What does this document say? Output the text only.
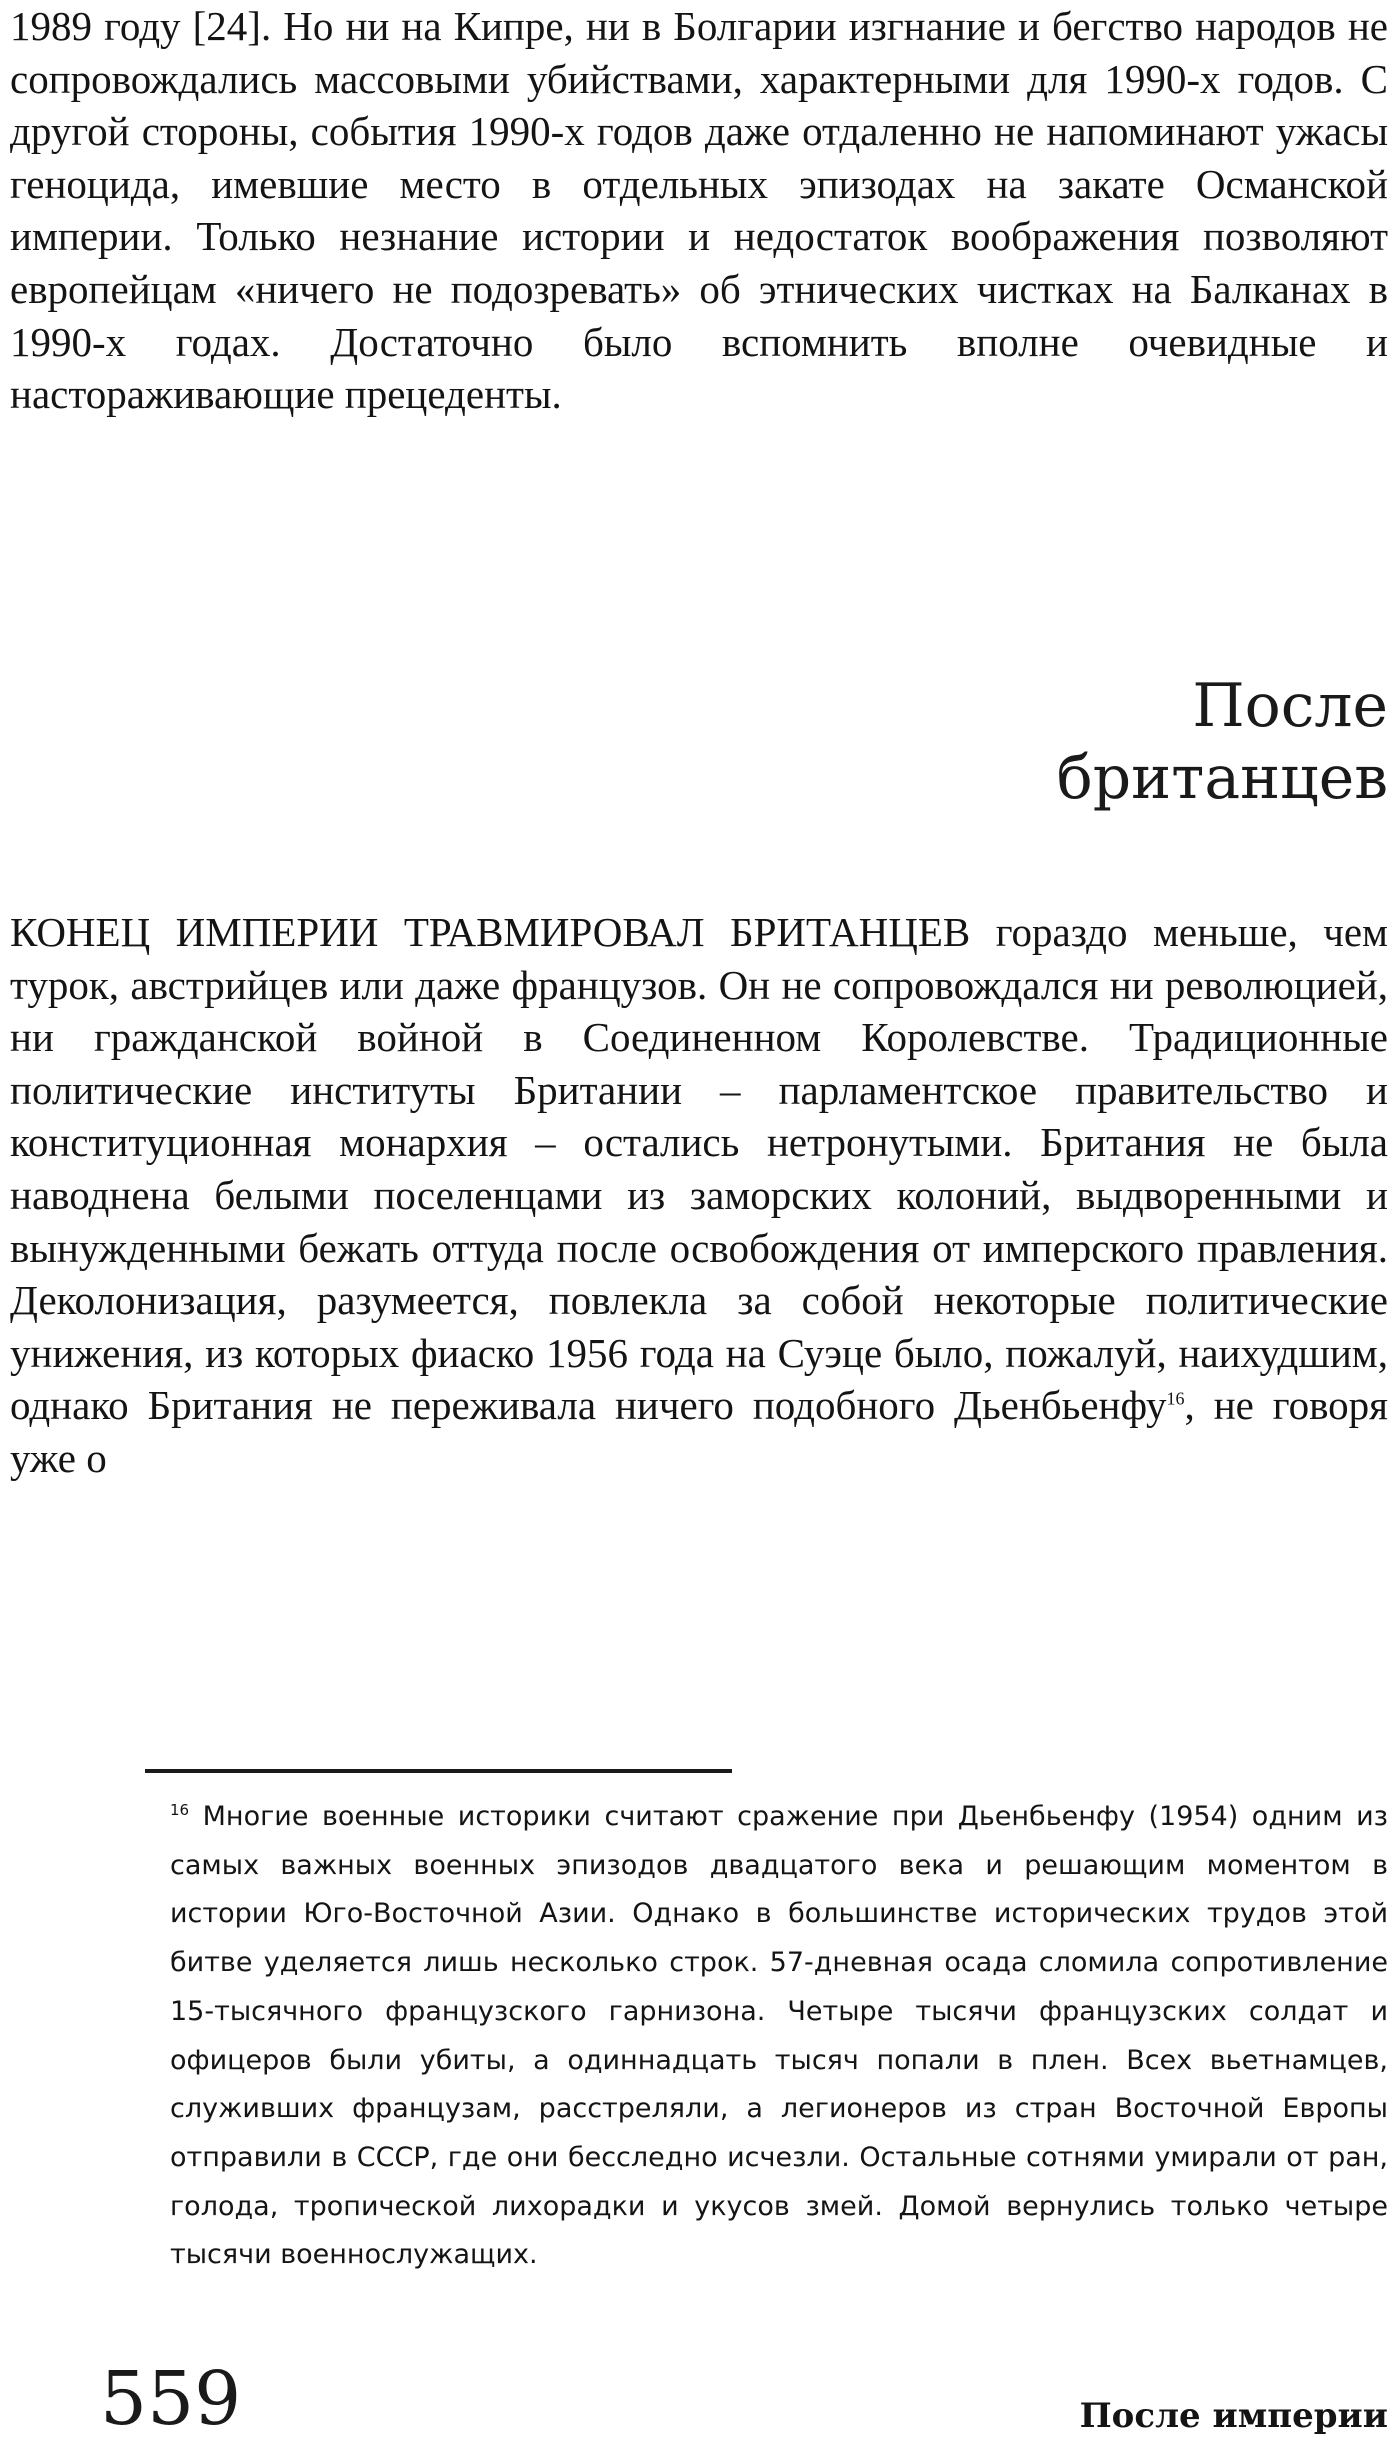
1989 году [24]. Но ни на Кипре, ни в Болгарии изгнание и бегство народов не сопровождались массовыми убийствами, характерными для 1990-х годов. С другой стороны, события 1990-х годов даже отдаленно не напоминают ужасы геноцида, имевшие место в отдельных эпизодах на закате Османской империи. Только незнание истории и недостаток воображения позволяют европейцам «ничего не подозревать» об этнических чистках на Балканах в 1990-х годах. Достаточно было вспомнить вполне очевидные и настораживающие прецеденты.

После
британцев

КОНЕЦ ИМПЕРИИ ТРАВМИРОВАЛ БРИТАНЦЕВ гораздо меньше, чем турок, австрийцев или даже французов. Он не сопровождался ни революцией, ни гражданской войной в Соединенном Королевстве. Традиционные политические институты Британии – парламентское правительство и конституционная монархия – остались нетронутыми. Британия не была наводнена белыми поселенцами из заморских колоний, выдворенными и вынужденными бежать оттуда после освобождения от имперского правления. Деколонизация, разумеется, повлекла за собой некоторые политические унижения, из которых фиаско 1956 года на Суэце было, пожалуй, наихудшим, однако Британия не переживала ничего подобного Дьенбьенфу$^{16}$, не говоря уже о

$^{16}$ Многие военные историки считают сражение при Дьенбьенфу (1954) одним из самых важных военных эпизодов двадцатого века и решающим моментом в истории Юго-Восточной Азии. Однако в большинстве исторических трудов этой битве уделяется лишь несколько строк. 57-дневная осада сломила сопротивление 15-тысячного французского гарнизона. Четыре тысячи французских солдат и офицеров были убиты, а одиннадцать тысяч попали в плен. Всех вьетнамцев, служивших французам, расстреляли, а легионеров из стран Восточной Европы отправили в СССР, где они бесследно исчезли. Остальные сотнями умирали от ран, голода, тропической лихорадки и укусов змей. Домой вернулись только четыре тысячи военнослужащих.

559	После империи
